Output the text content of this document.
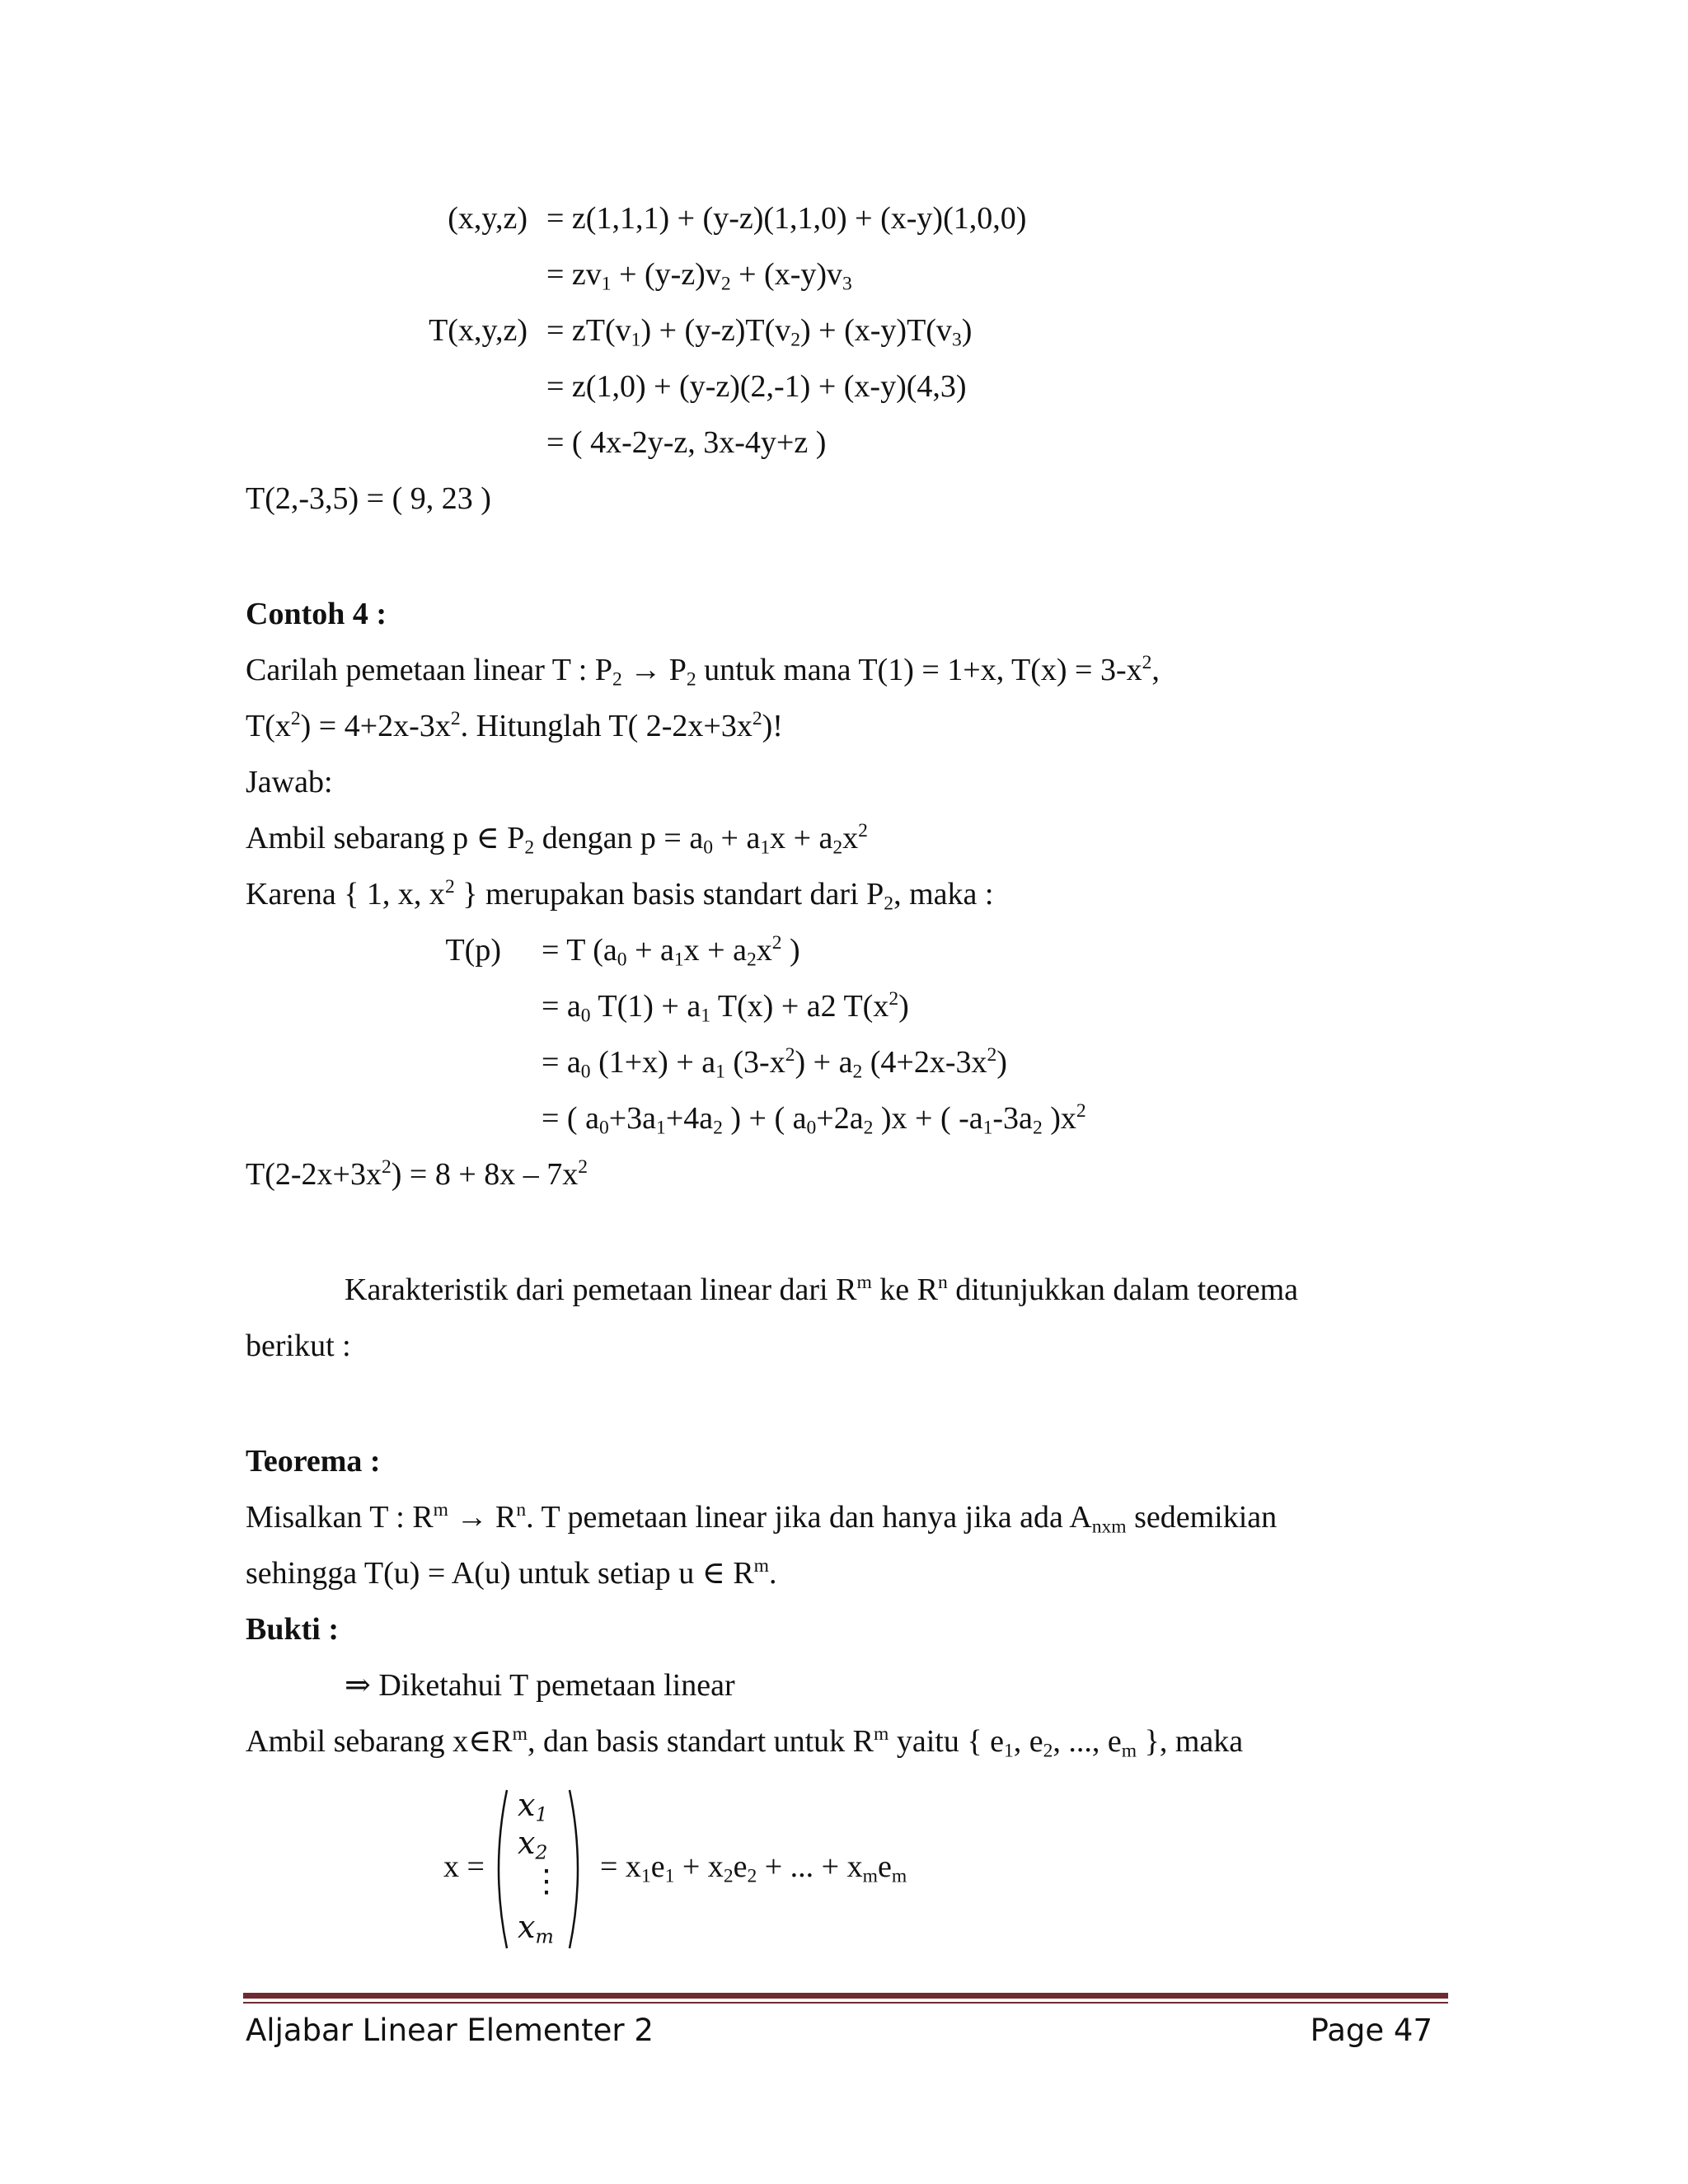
(x,y,z) = z(1,1,1) + (y-z)(1,1,0) + (x-y)(1,0,0)
= $zv_1 + (y-z)v_2 + (x-y)v_3$
$T(x,y,z) = zT(v_1) + (y-z)T(v_2) + (x-y)T(v_3)$
= z(1,0) + (y-z)(2,-1) + (x-y)(4,3)
= ( 4x-2y-z, 3x-4y+z )
T(2,-3,5) = ( 9, 23 )
Contoh 4 :
Carilah pemetaan linear T : $P_2 \to P_2$ untuk mana T(1) = 1+x, $T(x) = 3-x^2$,
$T(x^2) = 4+2x-3x^2$. Hitunglah T( $2-2x+3x^2$)!
Jawab:
Ambil sebarang p ∈ $P_2$ dengan $p = a_0 + a_1x + a_2x^2$
Karena { 1, x, $x^2$ } merupakan basis standart dari $P_2$, maka :
T(p) = T ($a_0 + a_1x + a_2x^2$ )
= $a_0$ $T(1) + a_1$ T(x) + a2 $T(x^2)$
= $a_0$ $(1+x) + a_1$ $(3-x^2) + a_2$ $(4+2x-3x^2)$
= ( $a_0+3a_1+4a_2$ ) + ( $a_0+2a_2$ )x + ( $-a_1-3a_2$ )$x^2$
$T(2-2x+3x^2) = 8 + 8x - 7x^2$
Karakteristik dari pemetaan linear dari $R^m$ ke $R^n$ ditunjukkan dalam teorema
berikut :
Teorema :
Misalkan T : $R^m \to R^n$. T pemetaan linear jika dan hanya jika ada $A_{nxm}$ sedemikian
sehingga T(u) = A(u) untuk setiap u ∈ $R^m$.
Bukti :
⇒ Diketahui T pemetaan linear
Ambil sebarang $x\in R^m$, dan basis standart untuk $R^m$ yaitu { $e_1$, $e_2$, ..., $e_m$ }, maka
x =
$x_1$
$x_2$
⋮
$x_m$
= $x_1e_1 + x_2e_2$ + ... + $x_me_m$
Aljabar Linear Elementer 2	Page 47
